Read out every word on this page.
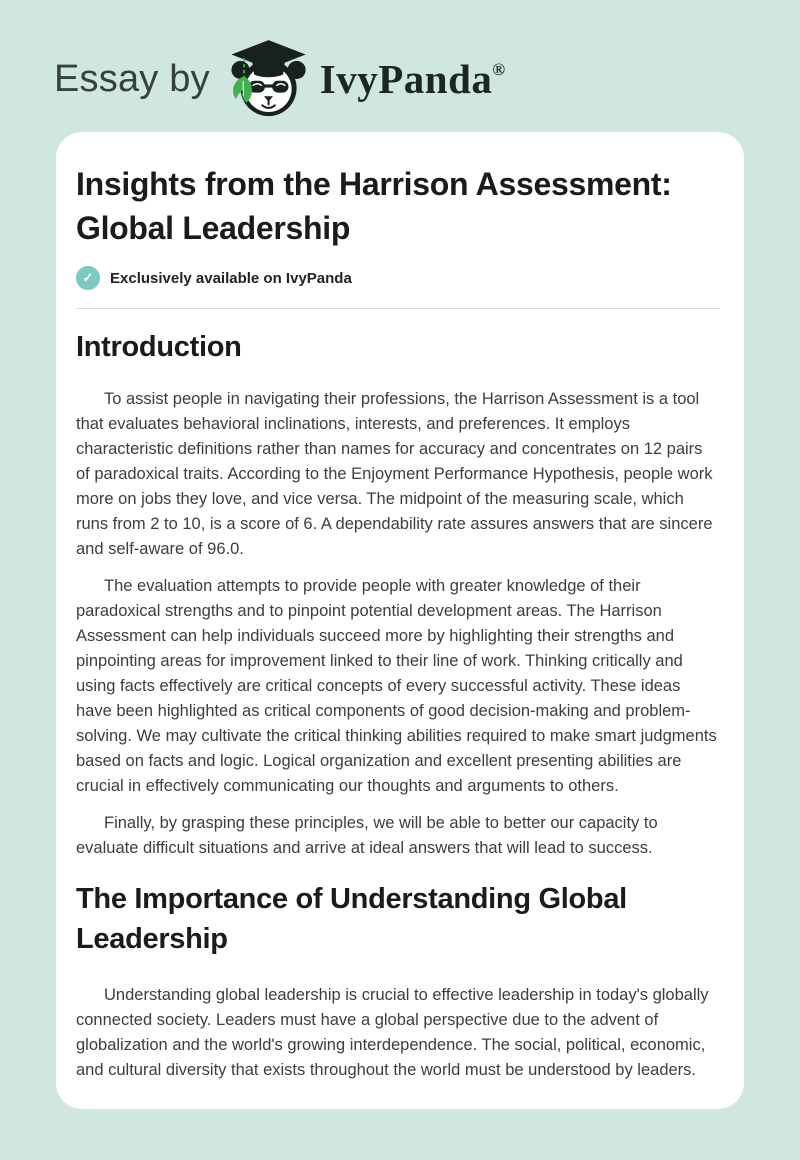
Essay by	IvyPanda®
Insights from the Harrison Assessment: Global Leadership
✓	Exclusively available on IvyPanda
Introduction

To assist people in navigating their professions, the Harrison Assessment is a tool that evaluates behavioral inclinations, interests, and preferences. It employs characteristic definitions rather than names for accuracy and concentrates on 12 pairs of paradoxical traits. According to the Enjoyment Performance Hypothesis, people work more on jobs they love, and vice versa. The midpoint of the measuring scale, which runs from 2 to 10, is a score of 6. A dependability rate assures answers that are sincere and self-aware of 96.0.

The evaluation attempts to provide people with greater knowledge of their paradoxical strengths and to pinpoint potential development areas. The Harrison Assessment can help individuals succeed more by highlighting their strengths and pinpointing areas for improvement linked to their line of work. Thinking critically and using facts effectively are critical concepts of every successful activity. These ideas have been highlighted as critical components of good decision-making and problem-solving. We may cultivate the critical thinking abilities required to make smart judgments based on facts and logic. Logical organization and excellent presenting abilities are crucial in effectively communicating our thoughts and arguments to others.

Finally, by grasping these principles, we will be able to better our capacity to evaluate difficult situations and arrive at ideal answers that will lead to success.

The Importance of Understanding Global Leadership

Understanding global leadership is crucial to effective leadership in today's globally connected society. Leaders must have a global perspective due to the advent of globalization and the world's growing interdependence. The social, political, economic, and cultural diversity that exists throughout the world must be understood by leaders.
